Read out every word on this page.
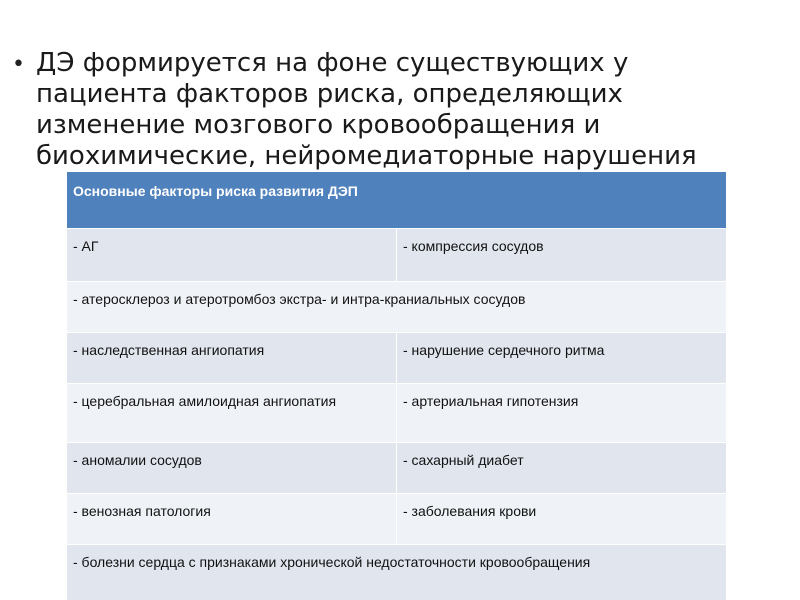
• ДЭ формируется на фоне существующих у пациента факторов риска, определяющих изменение мозгового кровообращения и биохимические, нейромедиаторные нарушения
Основные факторы риска развития ДЭП	
- АГ	- компрессия сосудов
- атеросклероз и атеротромбоз экстра- и интра-краниальных сосудов	
- наследственная ангиопатия	- нарушение сердечного ритма
- церебральная амилоидная ангиопатия	- артериальная гипотензия
- аномалии сосудов	- сахарный диабет
- венозная патология	- заболевания крови
- болезни сердца с признаками хронической недостаточности кровообращения	
